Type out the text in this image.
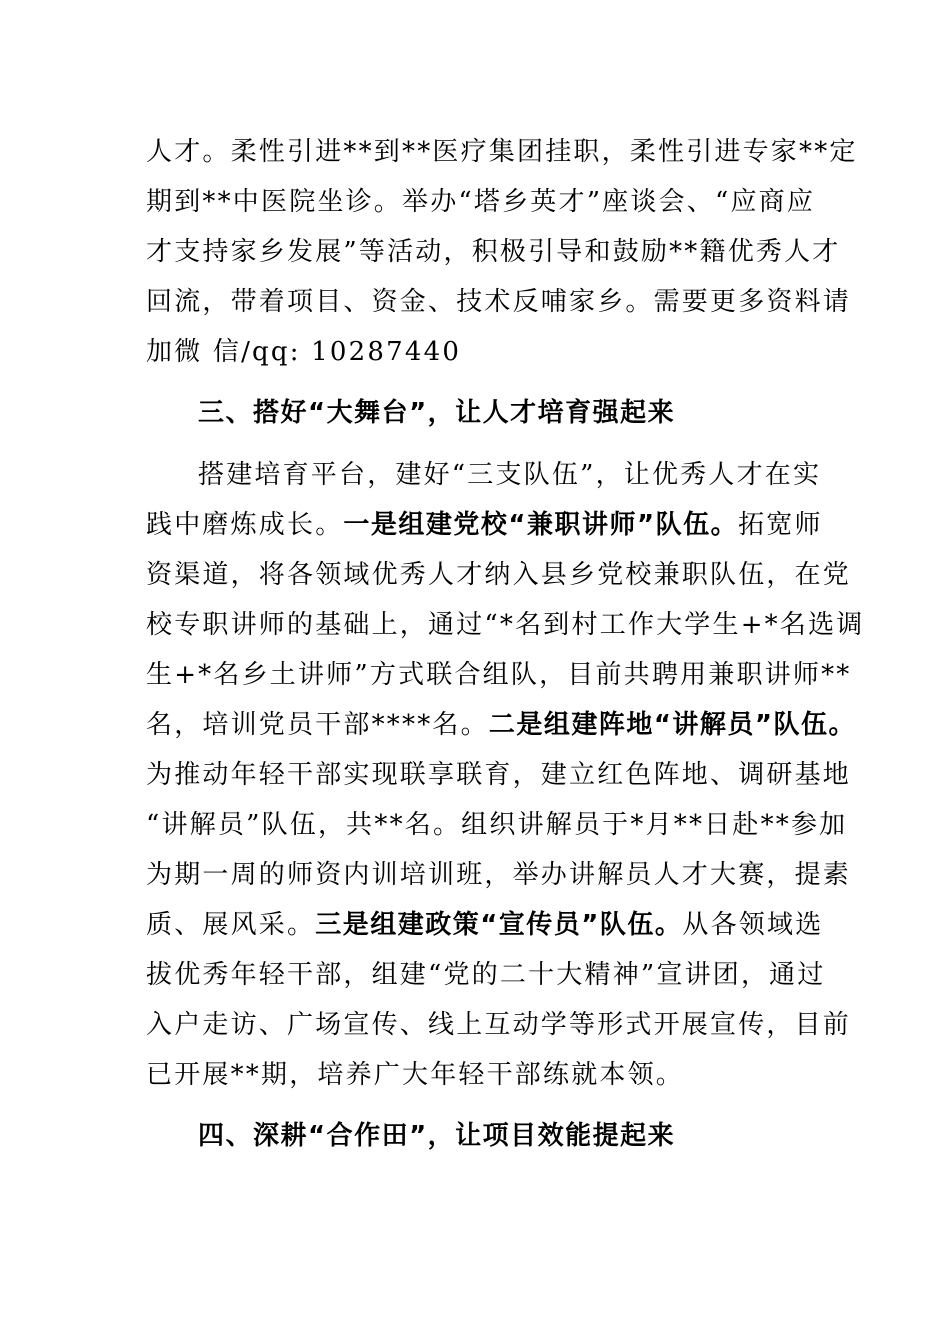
人才。柔性引进**到**医疗集团挂职，柔性引进专家**定
期到**中医院坐诊。举办“塔乡英才”座谈会、“应商应
才支持家乡发展”等活动，积极引导和鼓励**籍优秀人才
回流，带着项目、资金、技术反哺家乡。需要更多资料请
加微 信/qq: 10287440
三、搭好“大舞台”，让人才培育强起来
搭建培育平台，建好“三支队伍”，让优秀人才在实
践中磨炼成长。一是组建党校“兼职讲师”队伍。拓宽师
资渠道，将各领域优秀人才纳入县乡党校兼职队伍，在党
校专职讲师的基础上，通过“*名到村工作大学生+*名选调
生+*名乡土讲师”方式联合组队，目前共聘用兼职讲师**
名，培训党员干部****名。二是组建阵地“讲解员”队伍。
为推动年轻干部实现联享联育，建立红色阵地、调研基地
“讲解员”队伍，共**名。组织讲解员于*月**日赴**参加
为期一周的师资内训培训班，举办讲解员人才大赛，提素
质、展风采。三是组建政策“宣传员”队伍。从各领域选
拔优秀年轻干部，组建“党的二十大精神”宣讲团，通过
入户走访、广场宣传、线上互动学等形式开展宣传，目前
已开展**期，培养广大年轻干部练就本领。
四、深耕“合作田”，让项目效能提起来
